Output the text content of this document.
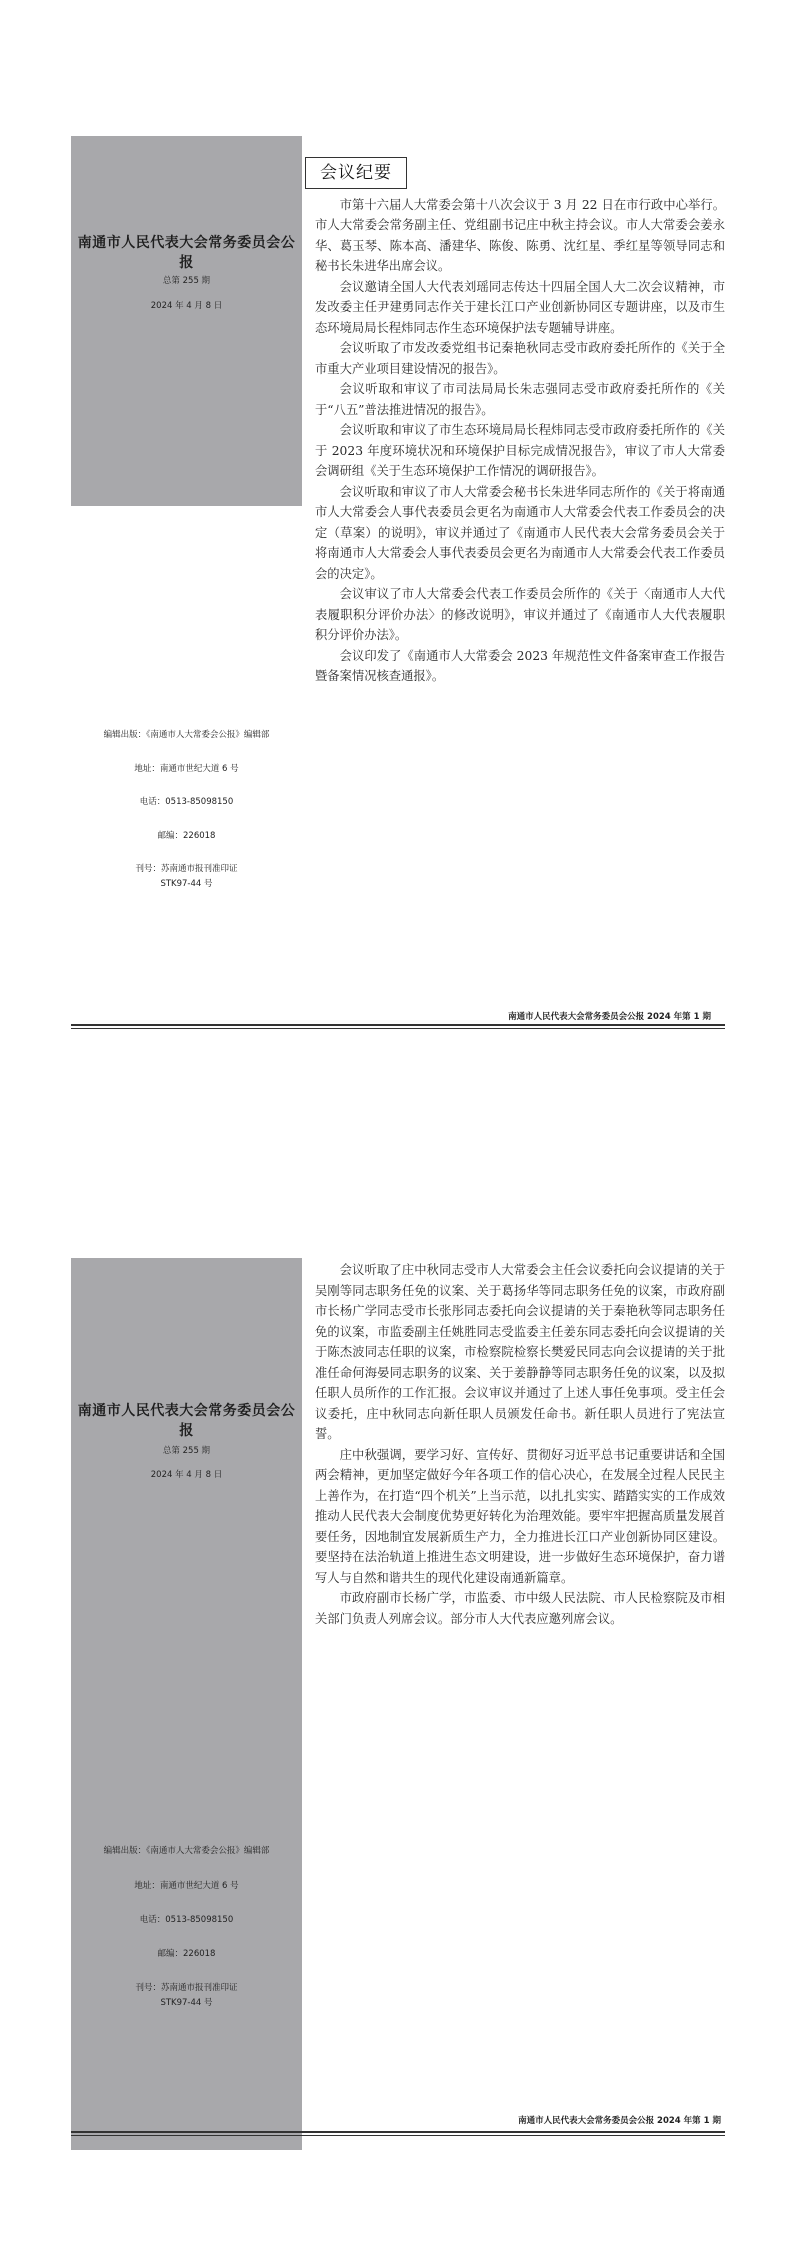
南通市人民代表大会常务委员会公报
总第 255 期
2024 年 4 月 8 日
编辑出版：《南通市人大常委会公报》编辑部
地址：南通市世纪大道 6 号
电话：0513-85098150
邮编：226018
刊号：苏南通市报刊准印证
STK97-44 号
会议纪要

市第十六届人大常委会第十八次会议于 3 月 22 日在市行政中心举行。市人大常委会常务副主任、党组副书记庄中秋主持会议。市人大常委会姜永华、葛玉琴、陈本高、潘建华、陈俊、陈勇、沈红星、季红星等领导同志和秘书长朱进华出席会议。

会议邀请全国人大代表刘瑶同志传达十四届全国人大二次会议精神，市发改委主任尹建勇同志作关于建长江口产业创新协同区专题讲座，以及市生态环境局局长程炜同志作生态环境保护法专题辅导讲座。

会议听取了市发改委党组书记秦艳秋同志受市政府委托所作的《关于全市重大产业项目建设情况的报告》。

会议听取和审议了市司法局局长朱志强同志受市政府委托所作的《关于“八五”普法推进情况的报告》。

会议听取和审议了市生态环境局局长程炜同志受市政府委托所作的《关于 2023 年度环境状况和环境保护目标完成情况报告》，审议了市人大常委会调研组《关于生态环境保护工作情况的调研报告》。

会议听取和审议了市人大常委会秘书长朱进华同志所作的《关于将南通市人大常委会人事代表委员会更名为南通市人大常委会代表工作委员会的决定（草案）的说明》，审议并通过了《南通市人民代表大会常务委员会关于将南通市人大常委会人事代表委员会更名为南通市人大常委会代表工作委员会的决定》。

会议审议了市人大常委会代表工作委员会所作的《关于〈南通市人大代表履职积分评价办法〉的修改说明》，审议并通过了《南通市人大代表履职积分评价办法》。

会议印发了《南通市人大常委会 2023 年规范性文件备案审查工作报告暨备案情况核查通报》。

南通市人民代表大会常务委员会公报 2024 年第 1 期
南通市人民代表大会常务委员会公报
总第 255 期
2024 年 4 月 8 日
编辑出版：《南通市人大常委会公报》编辑部
地址：南通市世纪大道 6 号
电话：0513-85098150
邮编：226018
刊号：苏南通市报刊准印证
STK97-44 号

会议听取了庄中秋同志受市人大常委会主任会议委托向会议提请的关于吴刚等同志职务任免的议案、关于葛扬华等同志职务任免的议案，市政府副市长杨广学同志受市长张彤同志委托向会议提请的关于秦艳秋等同志职务任免的议案，市监委副主任姚胜同志受监委主任姜东同志委托向会议提请的关于陈杰波同志任职的议案，市检察院检察长樊爱民同志向会议提请的关于批准任命何海晏同志职务的议案、关于姜静静等同志职务任免的议案，以及拟任职人员所作的工作汇报。会议审议并通过了上述人事任免事项。受主任会议委托，庄中秋同志向新任职人员颁发任命书。新任职人员进行了宪法宣誓。

庄中秋强调，要学习好、宣传好、贯彻好习近平总书记重要讲话和全国两会精神，更加坚定做好今年各项工作的信心决心，在发展全过程人民民主上善作为，在打造“四个机关”上当示范，以扎扎实实、踏踏实实的工作成效推动人民代表大会制度优势更好转化为治理效能。要牢牢把握高质量发展首要任务，因地制宜发展新质生产力，全力推进长江口产业创新协同区建设。要坚持在法治轨道上推进生态文明建设，进一步做好生态环境保护，奋力谱写人与自然和谐共生的现代化建设南通新篇章。

市政府副市长杨广学，市监委、市中级人民法院、市人民检察院及市相关部门负责人列席会议。部分市人大代表应邀列席会议。

南通市人民代表大会常务委员会公报 2024 年第 1 期
